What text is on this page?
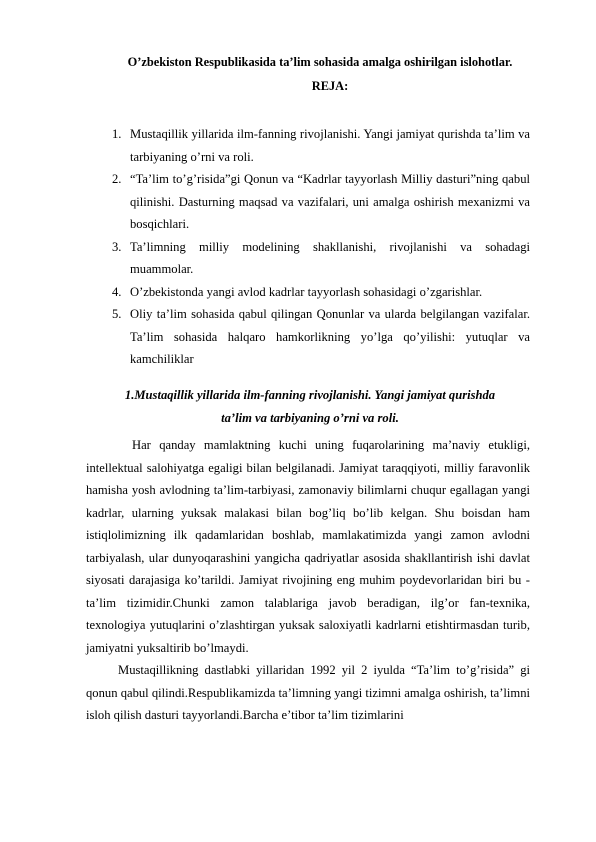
O’zbekiston Respublikasida ta’lim sohasida amalga oshirilgan islohotlar.
REJA:
1. Mustaqillik yillarida ilm-fanning rivojlanishi. Yangi jamiyat qurishda ta’lim va tarbiyaning o’rni va roli.
2. “Ta’lim to’g’risida”gi Qonun va “Kadrlar tayyorlash Milliy dasturi”ning qabul qilinishi. Dasturning maqsad va vazifalari, uni amalga oshirish mexanizmi va bosqichlari.
3. Ta’limning milliy modelining shakllanishi, rivojlanishi va sohadagi muammolar.
4. O’zbekistonda yangi avlod kadrlar tayyorlash sohasidagi o’zgarishlar.
5. Oliy ta’lim sohasida qabul qilingan Qonunlar va ularda belgilangan vazifalar. Ta’lim sohasida halqaro hamkorlikning yo’lga qo’yilishi: yutuqlar va kamchiliklar
1.Mustaqillik yillarida ilm-fanning rivojlanishi. Yangi jamiyat qurishda
ta’lim va tarbiyaning o’rni va roli.

Har qanday mamlaktning kuchi uning fuqarolarining ma’naviy etukligi, intellektual salohiyatga egaligi bilan belgilanadi. Jamiyat taraqqiyoti, milliy faravonlik hamisha yosh avlodning ta’lim-tarbiyasi, zamonaviy bilimlarni chuqur egallagan yangi kadrlar, ularning yuksak malakasi bilan bog’liq bo’lib kelgan. Shu boisdan ham istiqlolimizning ilk qadamlaridan boshlab, mamlakatimizda yangi zamon avlodni tarbiyalash, ular dunyoqarashini yangicha qadriyatlar asosida shakllantirish ishi davlat siyosati darajasiga ko’tarildi. Jamiyat rivojining eng muhim poydevorlaridan biri bu -ta’lim tizimidir.Chunki zamon talablariga javob beradigan, ilg’or fan-texnika, texnologiya yutuqlarini o’zlashtirgan yuksak saloxiyatli kadrlarni etishtirmasdan turib, jamiyatni yuksaltirib bo’lmaydi.

Mustaqillikning dastlabki yillaridan 1992 yil 2 iyulda “Ta’lim to’g’risida” gi qonun qabul qilindi.Respublikamizda ta’limning yangi tizimni amalga oshirish, ta’limni isloh qilish dasturi tayyorlandi.Barcha e’tibor ta’lim tizimlarini
